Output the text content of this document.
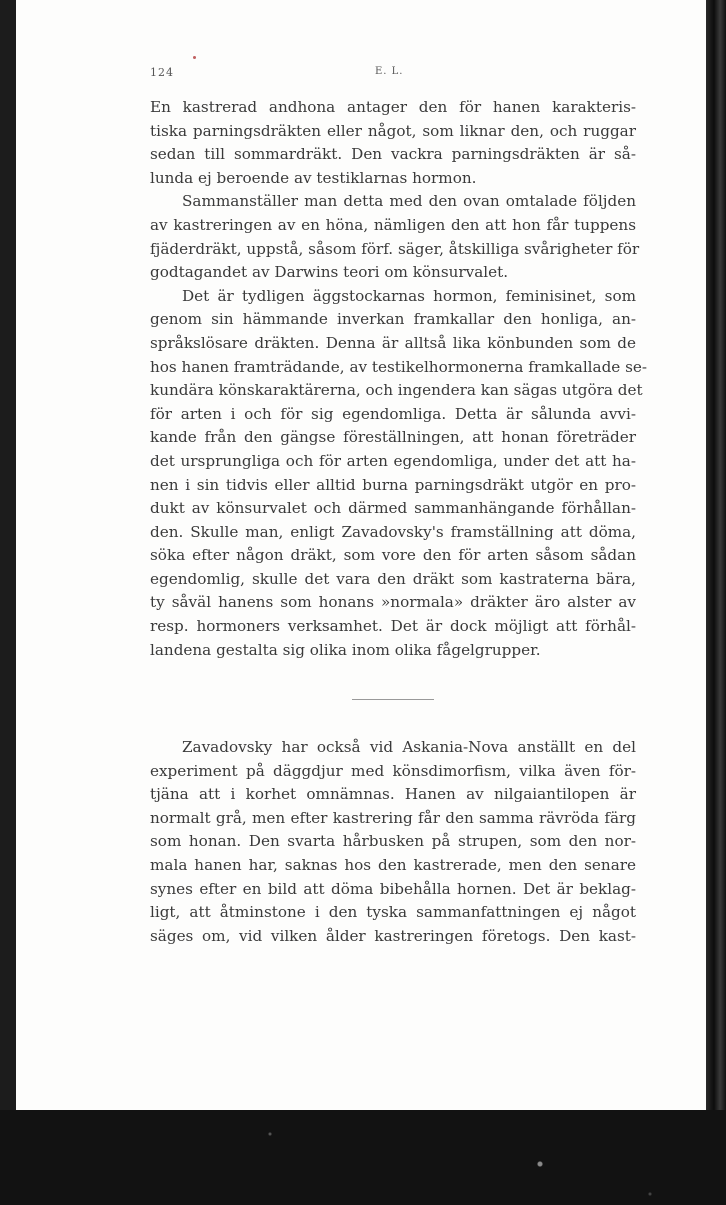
124	E. L.
En kastrerad andhona antager den för hanen karakteris-
tiska parningsdräkten eller något, som liknar den, och ruggar
sedan till sommardräkt. Den vackra parningsdräkten är så-
lunda ej beroende av testiklarnas hormon.
Sammanställer man detta med den ovan omtalade följden
av kastreringen av en höna, nämligen den att hon får tuppens
fjäderdräkt, uppstå, såsom förf. säger, åtskilliga svårigheter för
godtagandet av Darwins teori om könsurvalet.
Det är tydligen äggstockarnas hormon, feminisinet, som
genom sin hämmande inverkan framkallar den honliga, an-
språkslösare dräkten. Denna är alltså lika könbunden som de
hos hanen framträdande, av testikelhormonerna framkallade se-
kundära könskaraktärerna, och ingendera kan sägas utgöra det
för arten i och för sig egendomliga. Detta är sålunda avvi-
kande från den gängse föreställningen, att honan företräder
det ursprungliga och för arten egendomliga, under det att ha-
nen i sin tidvis eller alltid burna parningsdräkt utgör en pro-
dukt av könsurvalet och därmed sammanhängande förhållan-
den. Skulle man, enligt Zavadovsky's framställning att döma,
söka efter någon dräkt, som vore den för arten såsom sådan
egendomlig, skulle det vara den dräkt som kastraterna bära,
ty såväl hanens som honans »normala» dräkter äro alster av
resp. hormoners verksamhet. Det är dock möjligt att förhål-
landena gestalta sig olika inom olika fågelgrupper.
Zavadovsky har också vid Askania-Nova anställt en del
experiment på däggdjur med könsdimorfism, vilka även för-
tjäna att i korhet omnämnas. Hanen av nilgaiantilopen är
normalt grå, men efter kastrering får den samma rävröda färg
som honan. Den svarta hårbusken på strupen, som den nor-
mala hanen har, saknas hos den kastrerade, men den senare
synes efter en bild att döma bibehålla hornen. Det är beklag-
ligt, att åtminstone i den tyska sammanfattningen ej något
säges om, vid vilken ålder kastreringen företogs. Den kast-
